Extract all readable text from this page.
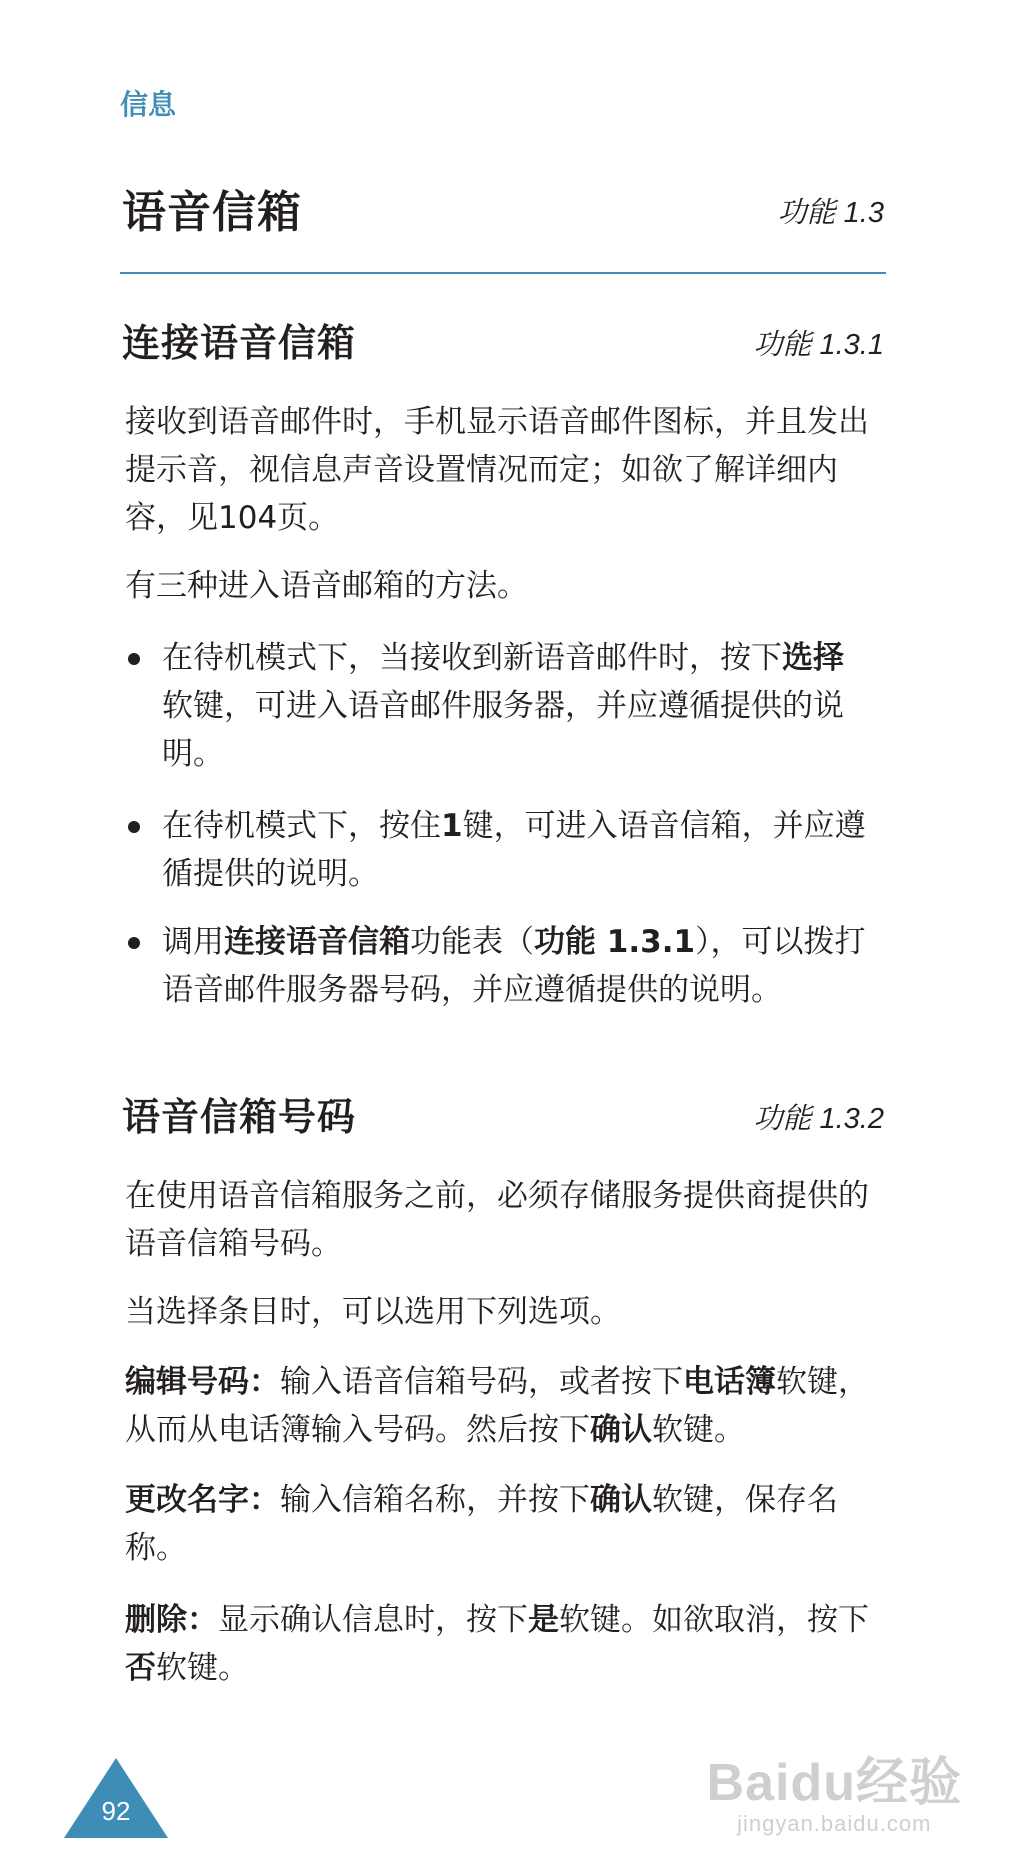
信息
语音信箱	功能 1.3
连接语音信箱	功能 1.3.1

接收到语音邮件时，手机显示语音邮件图标，并且发出提示音，视信息声音设置情况而定；如欲了解详细内容，见104页。

有三种进入语音邮箱的方法。

在待机模式下，当接收到新语音邮件时，按下选择软键，可进入语音邮件服务器，并应遵循提供的说明。
在待机模式下，按住1键，可进入语音信箱，并应遵循提供的说明。
调用连接语音信箱功能表（功能 1.3.1），可以拨打语音邮件服务器号码，并应遵循提供的说明。
语音信箱号码	功能 1.3.2

在使用语音信箱服务之前，必须存储服务提供商提供的语音信箱号码。

当选择条目时，可以选用下列选项。

编辑号码：输入语音信箱号码，或者按下电话簿软键，从而从电话簿输入号码。然后按下确认软键。

更改名字：输入信箱名称，并按下确认软键，保存名称。

删除：显示确认信息时，按下是软键。如欲取消，按下否软键。

92	Baidu经验
jingyan.baidu.com
